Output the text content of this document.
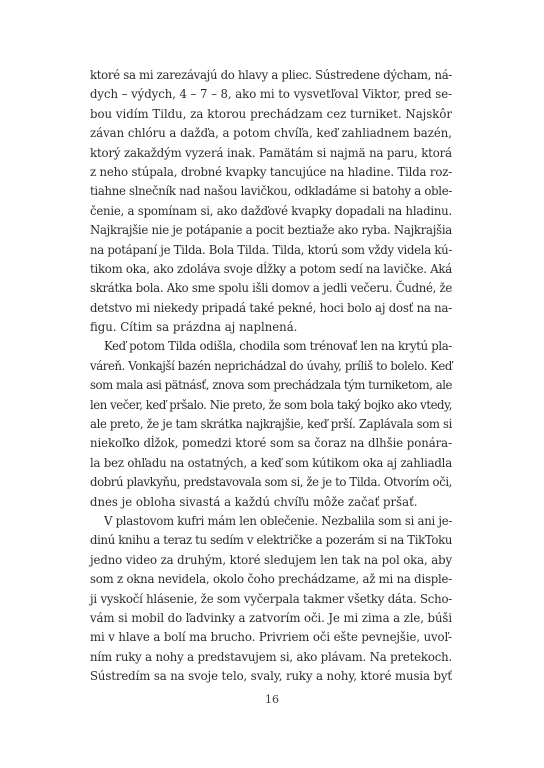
ktoré sa mi zarezávajú do hlavy a pliec. Sústredene dýcham, ná-
dych – výdych, 4 – 7 – 8, ako mi to vysvetľoval Viktor, pred se-
bou vidím Tildu, za ktorou prechádzam cez turniket. Najskôr
závan chlóru a dažďa, a potom chvíľa, keď zahliadnem bazén,
ktorý zakaždým vyzerá inak. Pamätám si najmä na paru, ktorá
z neho stúpala, drobné kvapky tancujúce na hladine. Tilda roz-
tiahne slnečník nad našou lavičkou, odkladáme si batohy a oble-
čenie, a spomínam si, ako dažďové kvapky dopadali na hladinu.
Najkrajšie nie je potápanie a pocit beztiaže ako ryba. Najkrajšia
na potápaní je Tilda. Bola Tilda. Tilda, ktorú som vždy videla kú-
tikom oka, ako zdoláva svoje dĺžky a potom sedí na lavičke. Aká
skrátka bola. Ako sme spolu išli domov a jedli večeru. Čudné, že
detstvo mi niekedy pripadá také pekné, hoci bolo aj dosť na na-
figu. Cítim sa prázdna aj naplnená.
Keď potom Tilda odišla, chodila som trénovať len na krytú pla-
váreň. Vonkajší bazén neprichádzal do úvahy, príliš to bolelo. Keď
som mala asi pätnásť, znova som prechádzala tým turniketom, ale
len večer, keď pršalo. Nie preto, že som bola taký bojko ako vtedy,
ale preto, že je tam skrátka najkrajšie, keď prší. Zaplávala som si
niekoľko dĺžok, pomedzi ktoré som sa čoraz na dlhšie ponára-
la bez ohľadu na ostatných, a keď som kútikom oka aj zahliadla
dobrú plavkyňu, predstavovala som si, že je to Tilda. Otvorím oči,
dnes je obloha sivastá a každú chvíľu môže začať pršať.
V plastovom kufri mám len oblečenie. Nezbalila som si ani je-
dinú knihu a teraz tu sedím v električke a pozerám si na TikToku
jedno video za druhým, ktoré sledujem len tak na pol oka, aby
som z okna nevidela, okolo čoho prechádzame, až mi na disple-
ji vyskočí hlásenie, že som vyčerpala takmer všetky dáta. Scho-
vám si mobil do ľadvinky a zatvorím oči. Je mi zima a zle, búši
mi v hlave a bolí ma brucho. Privriem oči ešte pevnejšie, uvoľ-
ním ruky a nohy a predstavujem si, ako plávam. Na pretekoch.
Sústredím sa na svoje telo, svaly, ruky a nohy, ktoré musia byť
16
